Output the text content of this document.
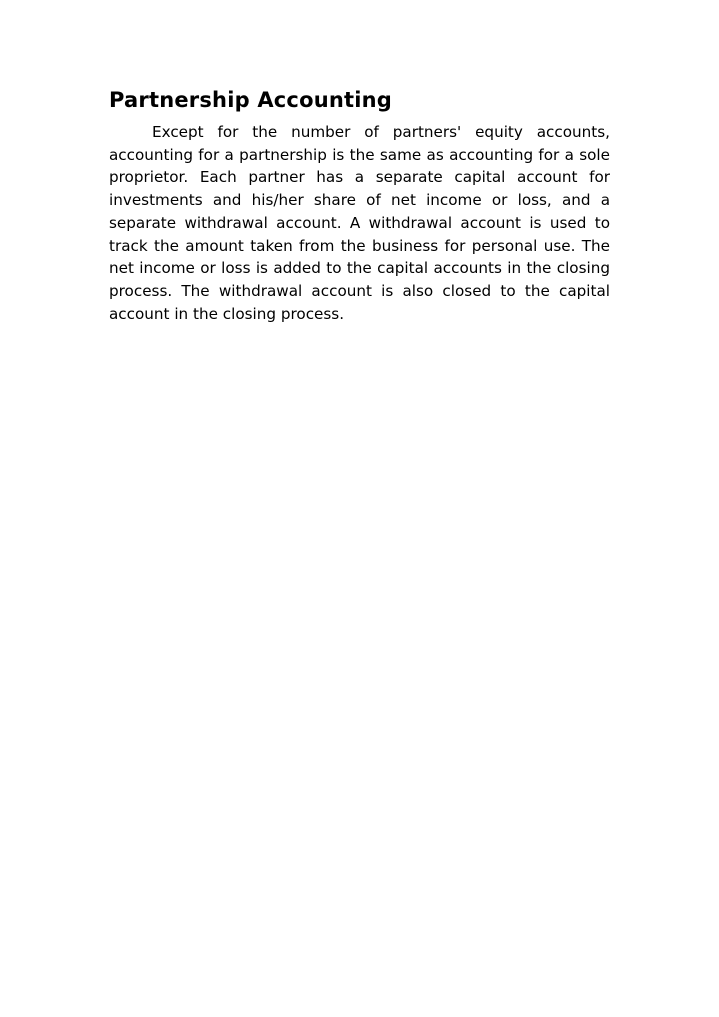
Partnership Accounting

Except for the number of partners' equity accounts, accounting for a partnership is the same as accounting for a sole proprietor. Each partner has a separate capital account for investments and his/her share of net income or loss, and a separate withdrawal account. A withdrawal account is used to track the amount taken from the business for personal use. The net income or loss is added to the capital accounts in the closing process. The withdrawal account is also closed to the capital account in the closing process.
